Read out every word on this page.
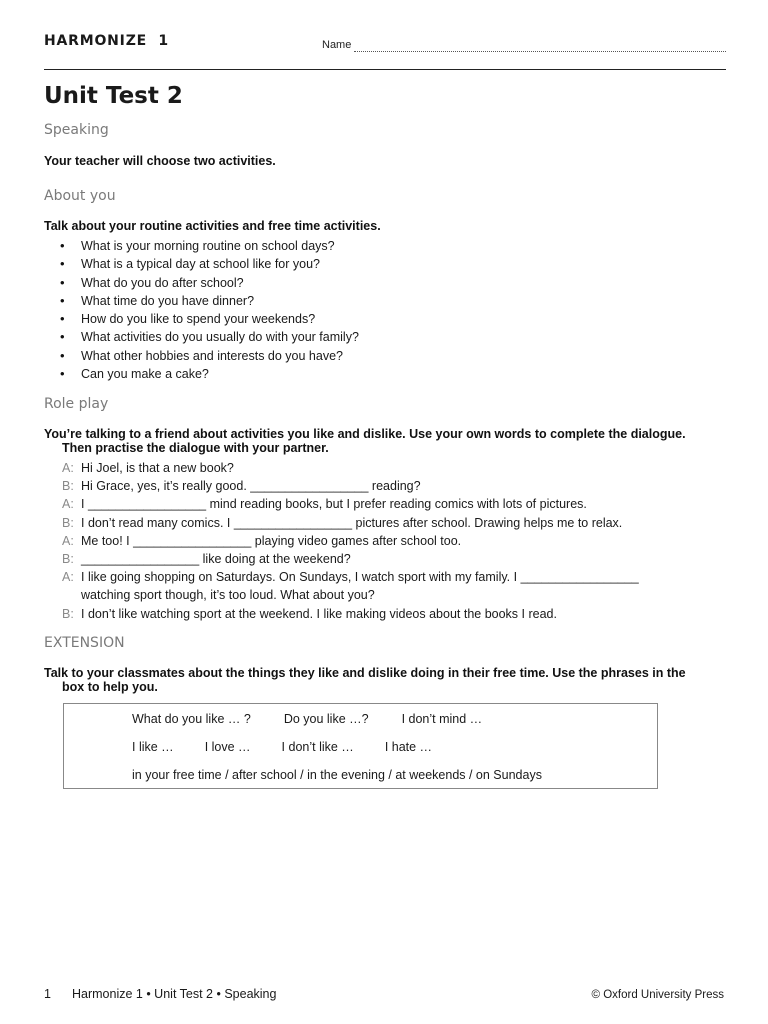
HARMONIZE  1	Name
Unit Test 2
Speaking
Your teacher will choose two activities.
About you
Talk about your routine activities and free time activities.
• What is your morning routine on school days?
• What is a typical day at school like for you?
• What do you do after school?
• What time do you have dinner?
• How do you like to spend your weekends?
• What activities do you usually do with your family?
• What other hobbies and interests do you have?
• Can you make a cake?
Role play
You’re talking to a friend about activities you like and dislike. Use your own words to complete the dialogue.
Then practise the dialogue with your partner.
A: Hi Joel, is that a new book?
B: Hi Grace, yes, it’s really good. _________________ reading?
A: I _________________ mind reading books, but I prefer reading comics with lots of pictures.
B: I don’t read many comics. I _________________ pictures after school. Drawing helps me to relax.
A: Me too! I _________________ playing video games after school too.
B: _________________ like doing at the weekend?
A: I like going shopping on Saturdays. On Sundays, I watch sport with my family. I _________________ watching sport though, it’s too loud. What about you?
B: I don’t like watching sport at the weekend. I like making videos about the books I read.
EXTENSION
Talk to your classmates about the things they like and dislike doing in their free time. Use the phrases in the
box to help you.
What do you like … ?	Do you like …?	I don’t mind …
I like … I love … I don’t like … I hate …
in your free time / after school / in the evening / at weekends / on Sundays
1	Harmonize 1 • Unit Test 2 • Speaking	© Oxford University Press
